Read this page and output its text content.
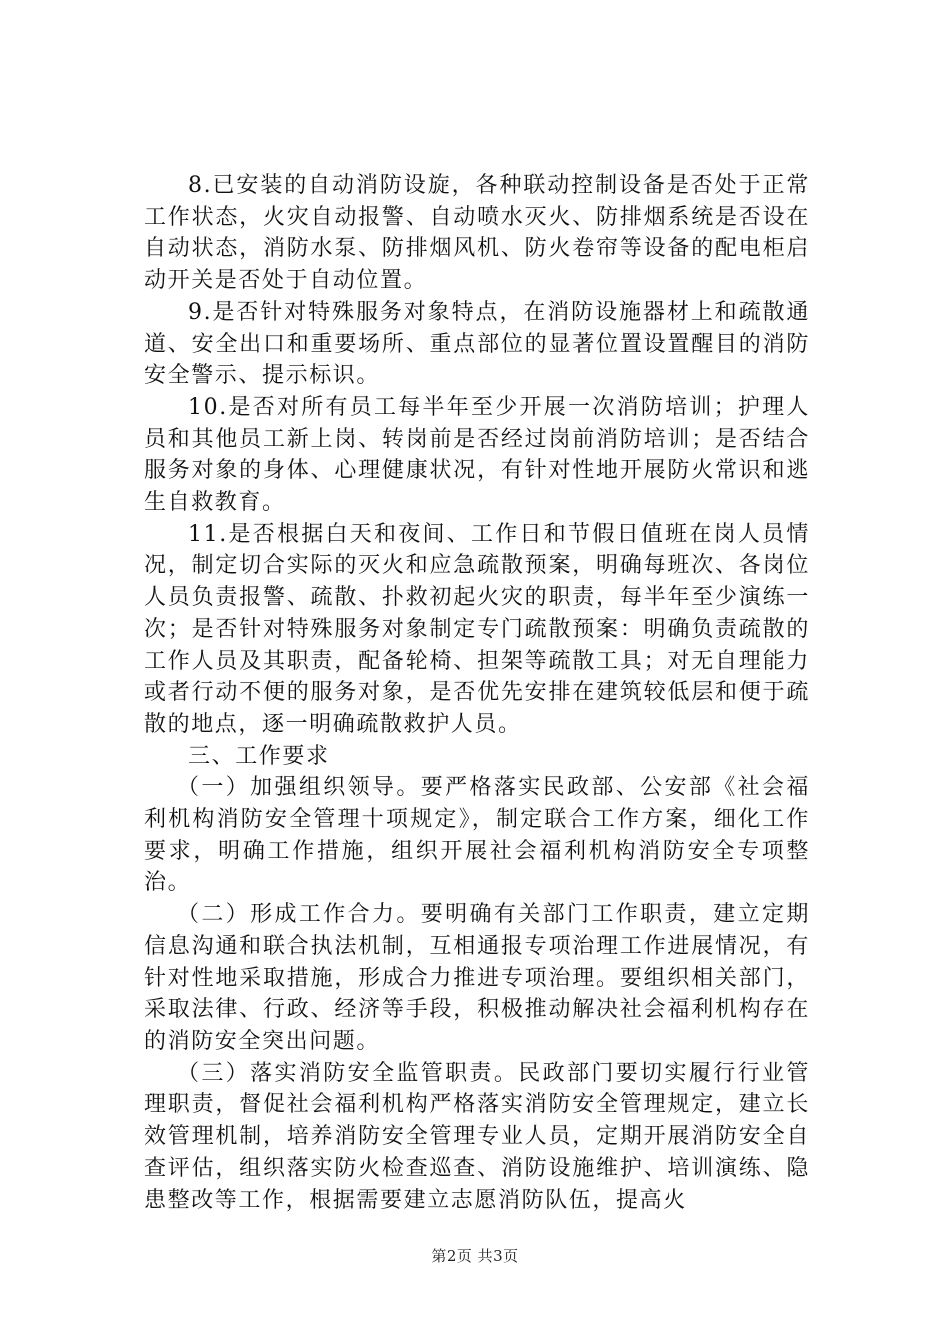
8.已安装的自动消防设旋，各种联动控制设备是否处于正常工作状态，火灾自动报警、自动喷水灭火、防排烟系统是否设在自动状态，消防水泵、防排烟风机、防火卷帘等设备的配电柜启动开关是否处于自动位置。

9.是否针对特殊服务对象特点，在消防设施器材上和疏散通道、安全出口和重要场所、重点部位的显著位置设置醒目的消防安全警示、提示标识。

10.是否对所有员工每半年至少开展一次消防培训；护理人员和其他员工新上岗、转岗前是否经过岗前消防培训；是否结合服务对象的身体、心理健康状况，有针对性地开展防火常识和逃生自救教育。

11.是否根据白天和夜间、工作日和节假日值班在岗人员情况，制定切合实际的灭火和应急疏散预案，明确每班次、各岗位人员负责报警、疏散、扑救初起火灾的职责，每半年至少演练一次；是否针对特殊服务对象制定专门疏散预案：明确负责疏散的工作人员及其职责，配备轮椅、担架等疏散工具；对无自理能力或者行动不便的服务对象，是否优先安排在建筑较低层和便于疏散的地点，逐一明确疏散救护人员。

三、工作要求

（一）加强组织领导。要严格落实民政部、公安部《社会福利机构消防安全管理十项规定》，制定联合工作方案，细化工作要求，明确工作措施，组织开展社会福利机构消防安全专项整治。

（二）形成工作合力。要明确有关部门工作职责，建立定期信息沟通和联合执法机制，互相通报专项治理工作进展情况，有针对性地采取措施，形成合力推进专项治理。要组织相关部门，采取法律、行政、经济等手段，积极推动解决社会福利机构存在的消防安全突出问题。

（三）落实消防安全监管职责。民政部门要切实履行行业管理职责，督促社会福利机构严格落实消防安全管理规定，建立长效管理机制，培养消防安全管理专业人员，定期开展消防安全自查评估，组织落实防火检查巡查、消防设施维护、培训演练、隐患整改等工作，根据需要建立志愿消防队伍，提高火

第2页 共3页
